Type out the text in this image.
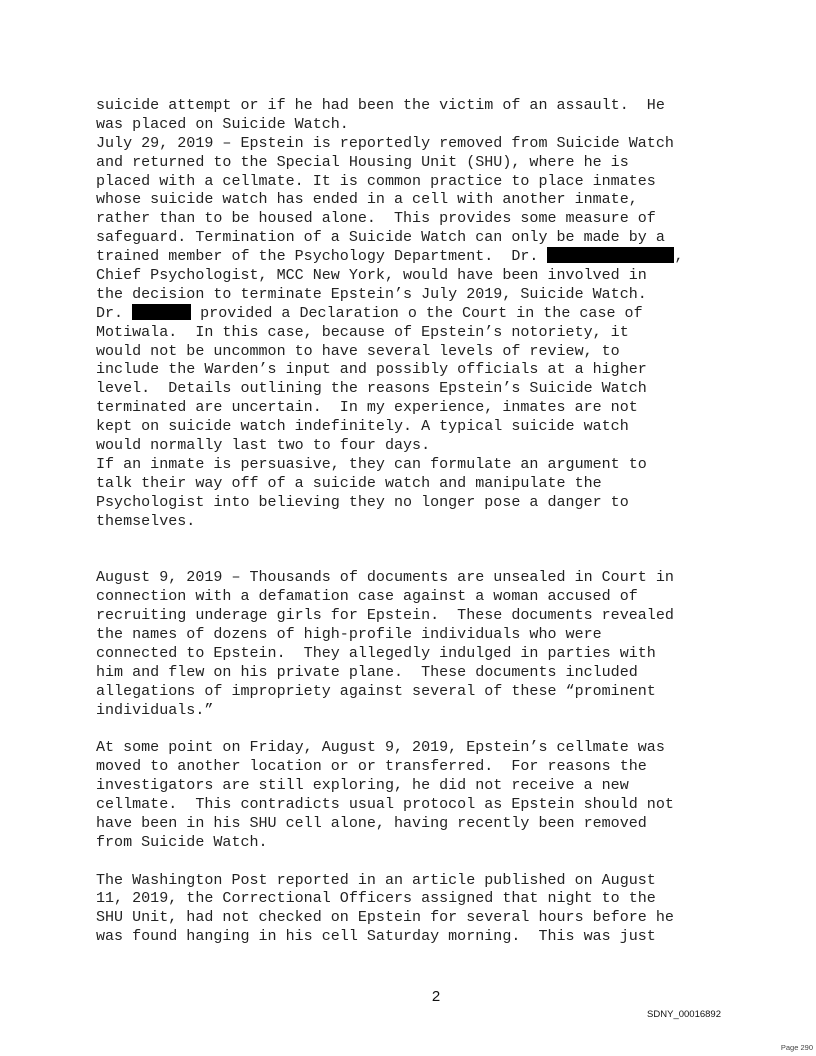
suicide attempt or if he had been the victim of an assault.  He
was placed on Suicide Watch.
July 29, 2019 – Epstein is reportedly removed from Suicide Watch
and returned to the Special Housing Unit (SHU), where he is
placed with a cellmate. It is common practice to place inmates
whose suicide watch has ended in a cell with another inmate,
rather than to be housed alone.  This provides some measure of
safeguard. Termination of a Suicide Watch can only be made by a
trained member of the Psychology Department.  Dr.	,
Chief Psychologist, MCC New York, would have been involved in
the decision to terminate Epstein’s July 2019, Suicide Watch.
Dr.	provided a Declaration o the Court in the case of
Motiwala.  In this case, because of Epstein’s notoriety, it
would not be uncommon to have several levels of review, to
include the Warden’s input and possibly officials at a higher
level.  Details outlining the reasons Epstein’s Suicide Watch
terminated are uncertain.  In my experience, inmates are not
kept on suicide watch indefinitely. A typical suicide watch
would normally last two to four days.
If an inmate is persuasive, they can formulate an argument to
talk their way off of a suicide watch and manipulate the
Psychologist into believing they no longer pose a danger to
themselves.
August 9, 2019 – Thousands of documents are unsealed in Court in
connection with a defamation case against a woman accused of
recruiting underage girls for Epstein.  These documents revealed
the names of dozens of high-profile individuals who were
connected to Epstein.  They allegedly indulged in parties with
him and flew on his private plane.  These documents included
allegations of impropriety against several of these “prominent
individuals.”
At some point on Friday, August 9, 2019, Epstein’s cellmate was
moved to another location or or transferred.  For reasons the
investigators are still exploring, he did not receive a new
cellmate.  This contradicts usual protocol as Epstein should not
have been in his SHU cell alone, having recently been removed
from Suicide Watch.
The Washington Post reported in an article published on August
11, 2019, the Correctional Officers assigned that night to the
SHU Unit, had not checked on Epstein for several hours before he
was found hanging in his cell Saturday morning.  This was just
2
SDNY_00016892
Page 290
